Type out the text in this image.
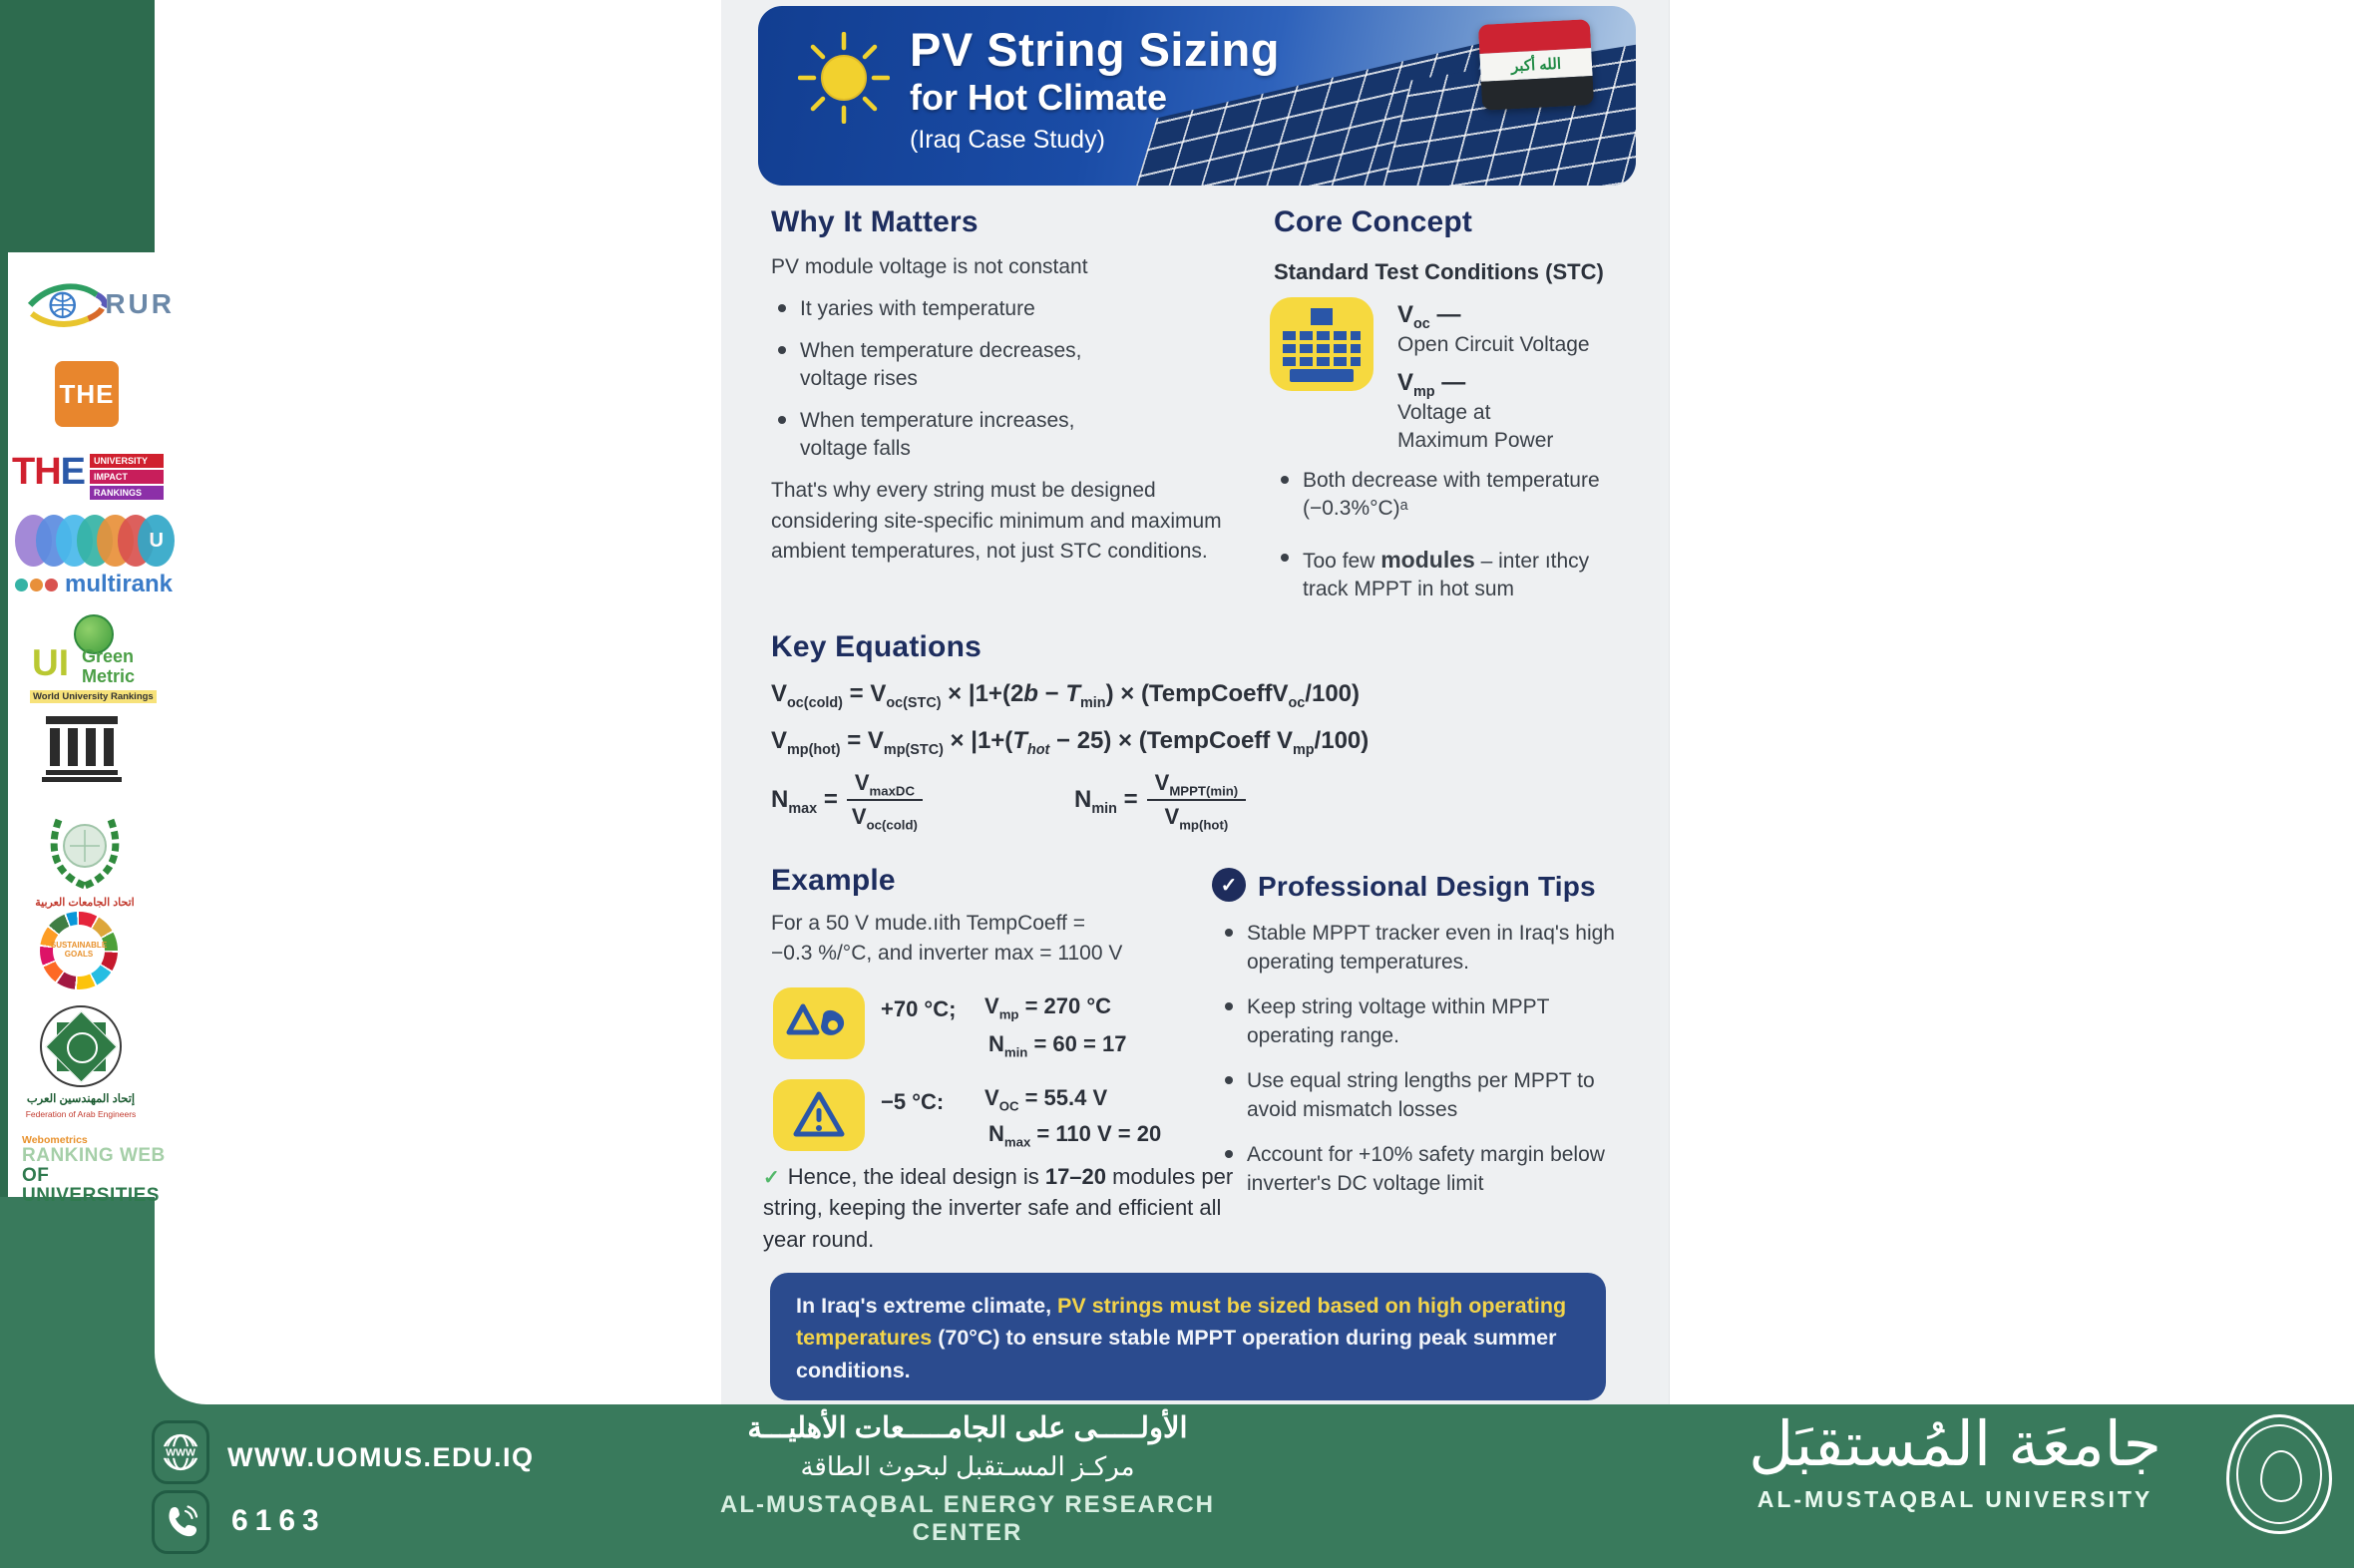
RUR
THE
THE UNIVERSITY
IMPACT
RANKINGS
U
multirank
UI Green
Metric
World University Rankings
اتحاد الجامعات العربية
SUSTAINABLE
GOALS
إتحاد المهندسين العرب
Federation of Arab Engineers
Webometrics
RANKING WEB
OF UNIVERSITIES
PV String Sizing
for Hot Climate
(Iraq Case Study)
الله أكبر
Why It Matters
PV module voltage is not constant
It yaries with temperature
When temperature decreases, voltage rises
When temperature increases, voltage falls
That's why every string must be designed considering site-specific minimum and maximum ambient temperatures, not just STC conditions.
Core Concept
Standard Test Conditions (STC)
$V_{oc}$ —
Open Circuit Voltage
$V_{mp}$ —
Voltage at
Maximum Power
Both decrease with temperature
(−0.3%°C)ᵃ
Too few modules – inter ıthcy
track MPPT in hot sum
Key Equations
$V_{oc(cold)} = V_{oc(STC)} \times |1+(2b - T_{min})$ × (TempCoeffV$_{oc}$/100)
$V_{mp(hot)} = V_{mp(STC)} \times |1+(T_{hot} - 25)$ × (TempCoeff $V_{mp}/100$)
$N_{max} = \frac{V_{maxDC}}{V_{oc(cold)}}$	$N_{min} = \frac{V_{MPPT(min)}}{V_{mp(hot)}}$
Example
For a 50 V mude.ıith TempCoeff =
−0.3 %/°C, and inverter max = 1100 V
+70 °C; $V_{mp} = 270$ °C
$N_{min} = 60 = 17$
−5 °C: $V_{OC} = 55.4$ V
$N_{max} = 110$ V = 20
✓ Hence, the ideal design is 17–20 modules per string, keeping the inverter safe and efficient all year round.
✓ Professional Design Tips
Stable MPPT tracker even in Iraq's high operating temperatures.
Keep string voltage within MPPT operating range.
Use equal string lengths per MPPT to avoid mismatch losses
Account for +10% safety margin below inverter's DC voltage limit
In Iraq's extreme climate, PV strings must be sized based on high operating temperatures (70°C) to ensure stable MPPT operation during peak summer conditions.
WWW WWW.UOMUS.EDU.IQ
6163
الأولـــــى على الجامـــــعات الأهليـــة
مركـز المسـتقبل لبحوث الطاقة
AL-MUSTAQBAL ENERGY RESEARCH CENTER
جامعَة المُستقبَل
AL-MUSTAQBAL UNIVERSITY
